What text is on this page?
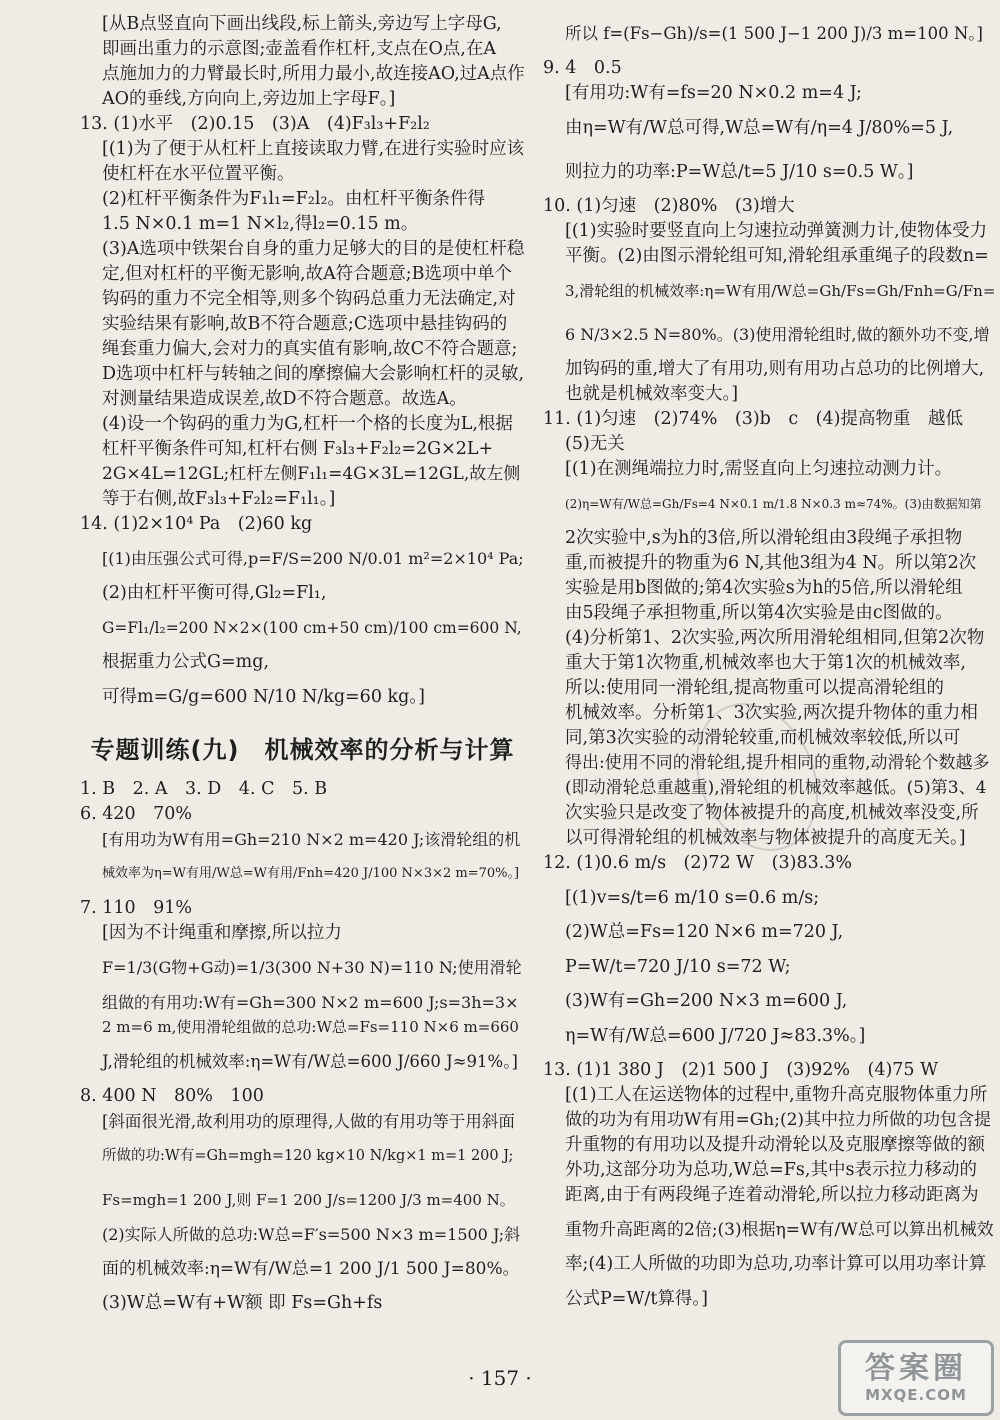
[从B点竖直向下画出线段,标上箭头,旁边写上字母G,
即画出重力的示意图;壶盖看作杠杆,支点在O点,在A
点施加力的力臂最长时,所用力最小,故连接AO,过A点作
AO的垂线,方向向上,旁边加上字母F。]
13. (1)水平　(2)0.15　(3)A　(4)F₃l₃+F₂l₂
[(1)为了便于从杠杆上直接读取力臂,在进行实验时应该
使杠杆在水平位置平衡。
(2)杠杆平衡条件为F₁l₁=F₂l₂。由杠杆平衡条件得
1.5 N×0.1 m=1 N×l₂,得l₂=0.15 m。
(3)A选项中铁架台自身的重力足够大的目的是使杠杆稳
定,但对杠杆的平衡无影响,故A符合题意;B选项中单个
钩码的重力不完全相等,则多个钩码总重力无法确定,对
实验结果有影响,故B不符合题意;C选项中悬挂钩码的
绳套重力偏大,会对力的真实值有影响,故C不符合题意;
D选项中杠杆与转轴之间的摩擦偏大会影响杠杆的灵敏,
对测量结果造成误差,故D不符合题意。故选A。
(4)设一个钩码的重力为G,杠杆一个格的长度为L,根据
杠杆平衡条件可知,杠杆右侧 F₃l₃+F₂l₂=2G×2L+
2G×4L=12GL;杠杆左侧F₁l₁=4G×3L=12GL,故左侧
等于右侧,故F₃l₃+F₂l₂=F₁l₁。]
14. (1)2×10⁴ Pa　(2)60 kg
[(1)由压强公式可得,p=F/S=200 N/0.01 m²=2×10⁴ Pa;
(2)由杠杆平衡可得,Gl₂=Fl₁,
G=Fl₁/l₂=200 N×2×(100 cm+50 cm)/100 cm=600 N,
根据重力公式G=mg,
可得m=G/g=600 N/10 N/kg=60 kg。]
专题训练(九)　机械效率的分析与计算
1. B　2. A　3. D　4. C　5. B
6. 420　70%
[有用功为W有用=Gh=210 N×2 m=420 J;该滑轮组的机
械效率为η=W有用/W总=W有用/Fnh=420 J/100 N×3×2 m=70%。]
7. 110　91%
[因为不计绳重和摩擦,所以拉力
F=1/3(G物+G动)=1/3(300 N+30 N)=110 N;使用滑轮
组做的有用功:W有=Gh=300 N×2 m=600 J;s=3h=3×
2 m=6 m,使用滑轮组做的总功:W总=Fs=110 N×6 m=660
J,滑轮组的机械效率:η=W有/W总=600 J/660 J≈91%。]
8. 400 N　80%　100
[斜面很光滑,故利用功的原理得,人做的有用功等于用斜面
所做的功:W有=Gh=mgh=120 kg×10 N/kg×1 m=1 200 J;
Fs=mgh=1 200 J,则 F=1 200 J/s=1200 J/3 m=400 N。
(2)实际人所做的总功:W总=F′s=500 N×3 m=1500 J;斜
面的机械效率:η=W有/W总=1 200 J/1 500 J=80%。
(3)W总=W有+W额 即 Fs=Gh+fs
所以 f=(Fs−Gh)/s=(1 500 J−1 200 J)/3 m=100 N。]
9. 4　0.5
[有用功:W有=fs=20 N×0.2 m=4 J;
由η=W有/W总可得,W总=W有/η=4 J/80%=5 J,
则拉力的功率:P=W总/t=5 J/10 s=0.5 W。]
10. (1)匀速　(2)80%　(3)增大
[(1)实验时要竖直向上匀速拉动弹簧测力计,使物体受力
平衡。(2)由图示滑轮组可知,滑轮组承重绳子的段数n=
3,滑轮组的机械效率:η=W有用/W总=Gh/Fs=Gh/Fnh=G/Fn=
6 N/3×2.5 N=80%。(3)使用滑轮组时,做的额外功不变,增
加钩码的重,增大了有用功,则有用功占总功的比例增大,
也就是机械效率变大。]
11. (1)匀速　(2)74%　(3)b　c　(4)提高物重　越低
(5)无关
[(1)在测绳端拉力时,需竖直向上匀速拉动测力计。
(2)η=W有/W总=Gh/Fs=4 N×0.1 m/1.8 N×0.3 m≈74%。(3)由数据知第
2次实验中,s为h的3倍,所以滑轮组由3段绳子承担物
重,而被提升的物重为6 N,其他3组为4 N。所以第2次
实验是用b图做的;第4次实验s为h的5倍,所以滑轮组
由5段绳子承担物重,所以第4次实验是由c图做的。
(4)分析第1、2次实验,两次所用滑轮组相同,但第2次物
重大于第1次物重,机械效率也大于第1次的机械效率,
所以:使用同一滑轮组,提高物重可以提高滑轮组的
机械效率。分析第1、3次实验,两次提升物体的重力相
同,第3次实验的动滑轮较重,而机械效率较低,所以可
得出:使用不同的滑轮组,提升相同的重物,动滑轮个数越多
(即动滑轮总重越重),滑轮组的机械效率越低。(5)第3、4
次实验只是改变了物体被提升的高度,机械效率没变,所
以可得滑轮组的机械效率与物体被提升的高度无关。]
12. (1)0.6 m/s　(2)72 W　(3)83.3%
[(1)v=s/t=6 m/10 s=0.6 m/s;
(2)W总=Fs=120 N×6 m=720 J,
P=W/t=720 J/10 s=72 W;
(3)W有=Gh=200 N×3 m=600 J,
η=W有/W总=600 J/720 J≈83.3%。]
13. (1)1 380 J　(2)1 500 J　(3)92%　(4)75 W
[(1)工人在运送物体的过程中,重物升高克服物体重力所
做的功为有用功W有用=Gh;(2)其中拉力所做的功包含提
升重物的有用功以及提升动滑轮以及克服摩擦等做的额
外功,这部分功为总功,W总=Fs,其中s表示拉力移动的
距离,由于有两段绳子连着动滑轮,所以拉力移动距离为
重物升高距离的2倍;(3)根据η=W有/W总可以算出机械效
率;(4)工人所做的功即为总功,功率计算可以用功率计算
公式P=W/t算得。]
· 157 ·	答案圈
MXQE.COM
